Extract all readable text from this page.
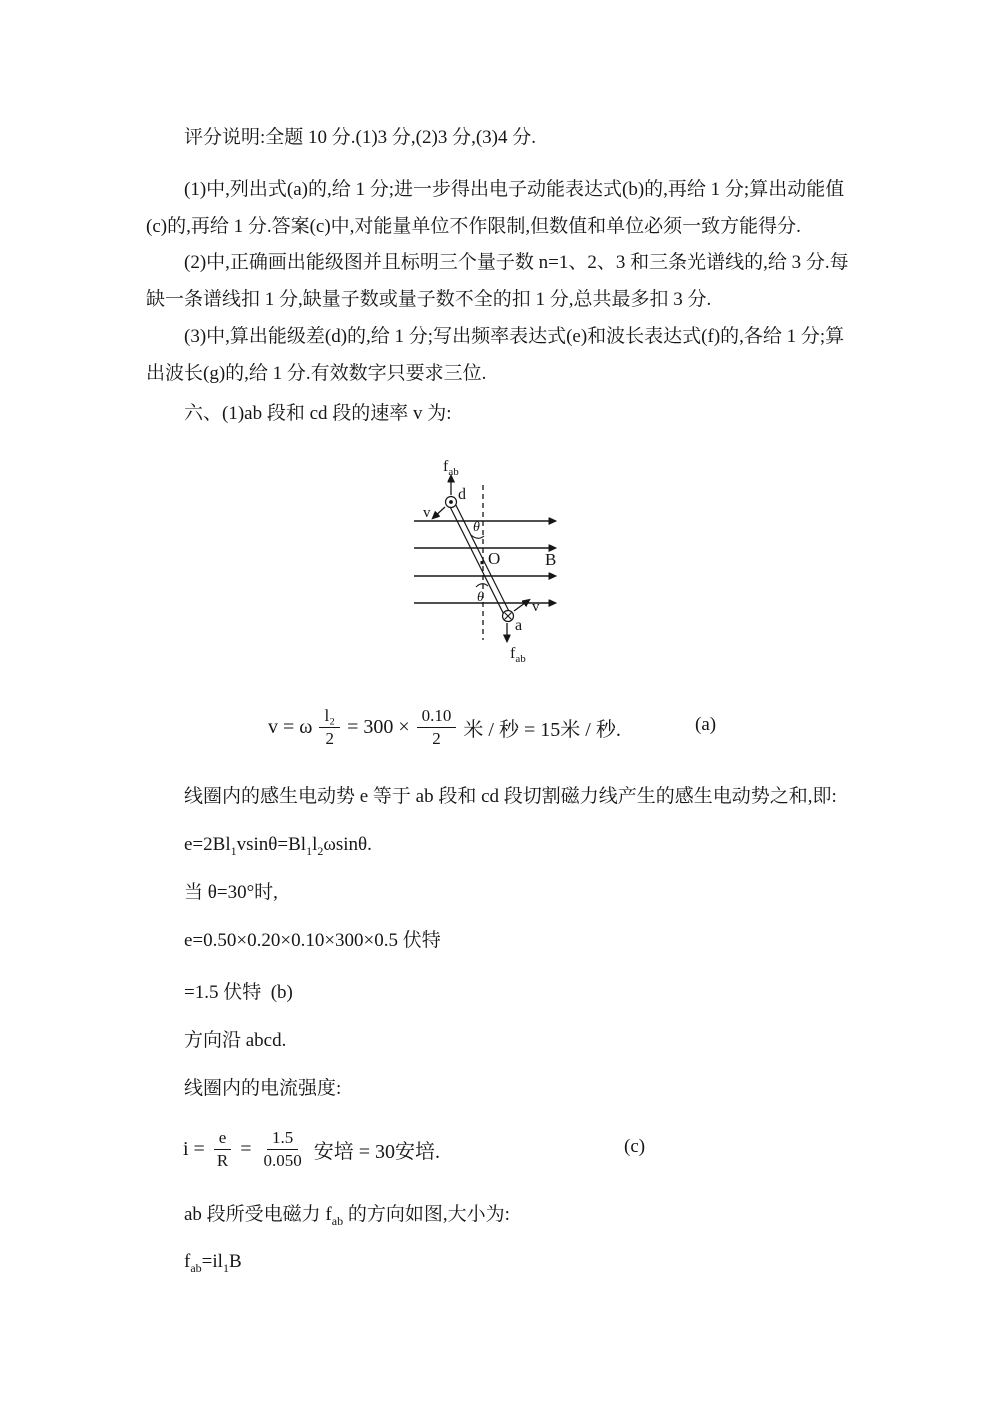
评分说明:全题 10 分.(1)3 分,(2)3 分,(3)4 分.

(1)中,列出式(a)的,给 1 分;进一步得出电子动能表达式(b)的,再给 1 分;算出动能值(c)的,再给 1 分.答案(c)中,对能量单位不作限制,但数值和单位必须一致方能得分.

(2)中,正确画出能级图并且标明三个量子数 n=1、2、3 和三条光谱线的,给 3 分.每缺一条谱线扣 1 分,缺量子数或量子数不全的扣 1 分,总共最多扣 3 分.

(3)中,算出能级差(d)的,给 1 分;写出频率表达式(e)和波长表达式(f)的,各给 1 分;算出波长(g)的,给 1 分.有效数字只要求三位.

六、(1)ab 段和 cd 段的速率 v 为:

$f_{ab}$
d
v
θ
O	B
θ
a
v
$f_{ab}$
v = ω $\frac{\text{l₂}}{2} = 300 \times \frac{0.10}{2}$ 米 / 秒 = 15米 / 秒.	(a)

线圈内的感生电动势 e 等于 ab 段和 cd 段切割磁力线产生的感生电动势之和,即:

$e=2Bl_1vsin\theta=Bl_1l_2\omega\sin\theta$.

当 θ=30°时,

e=0.50×0.20×0.10×300×0.5 伏特

=1.5 伏特  (b)

方向沿 abcd.

线圈内的电流强度:

$i = \frac{e}{R} = \frac{1.5}{0.050}$ 安培 = 30安培.	(c)

ab 段所受电磁力 $f_{ab}$ 的方向如图,大小为:

$f_{ab}=il_1B$
